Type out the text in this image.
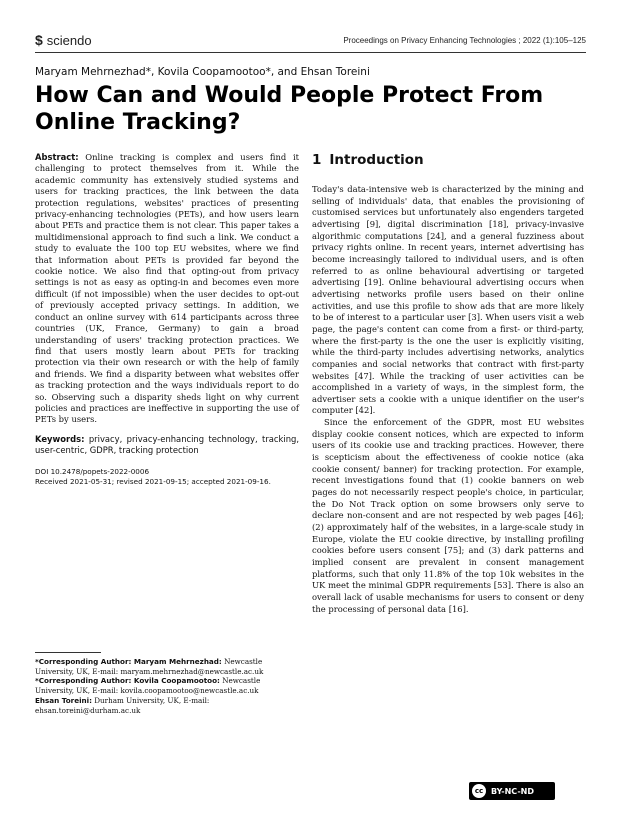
$ sciendo	Proceedings on Privacy Enhancing Technologies ; 2022 (1):105–125
Maryam Mehrnezhad*, Kovila Coopamootoo*, and Ehsan Toreini
How Can and Would People Protect From Online Tracking?

Abstract: Online tracking is complex and users find it challenging to protect themselves from it. While the academic community has extensively studied systems and users for tracking practices, the link between the data protection regulations, websites' practices of presenting privacy-enhancing technologies (PETs), and how users learn about PETs and practice them is not clear. This paper takes a multidimensional approach to find such a link. We conduct a study to evaluate the 100 top EU websites, where we find that information about PETs is provided far beyond the cookie notice. We also find that opting-out from privacy settings is not as easy as opting-in and becomes even more difficult (if not impossible) when the user decides to opt-out of previously accepted privacy settings. In addition, we conduct an online survey with 614 participants across three countries (UK, France, Germany) to gain a broad understanding of users' tracking protection practices. We find that users mostly learn about PETs for tracking protection via their own research or with the help of family and friends. We find a disparity between what websites offer as tracking protection and the ways individuals report to do so. Observing such a disparity sheds light on why current policies and practices are ineffective in supporting the use of PETs by users.

Keywords: privacy, privacy-enhancing technology, tracking, user-centric, GDPR, tracking protection

DOI 10.2478/popets-2022-0006

Received 2021-05-31; revised 2021-09-15; accepted 2021-09-16.

*Corresponding Author: Maryam Mehrnezhad: Newcastle University, UK, E-mail: maryam.mehrnezhad@newcastle.ac.uk

*Corresponding Author: Kovila Coopamootoo: Newcastle University, UK, E-mail: kovila.coopamootoo@newcastle.ac.uk

Ehsan Toreini: Durham University, UK, E-mail: ehsan.toreini@durham.ac.uk

1 Introduction

Today's data-intensive web is characterized by the mining and selling of individuals' data, that enables the provisioning of customised services but unfortunately also engenders targeted advertising [9], digital discrimination [18], privacy-invasive algorithmic computations [24], and a general fuzziness about privacy rights online. In recent years, internet advertising has become increasingly tailored to individual users, and is often referred to as online behavioural advertising or targeted advertising [19]. Online behavioural advertising occurs when advertising networks profile users based on their online activities, and use this profile to show ads that are more likely to be of interest to a particular user [3]. When users visit a web page, the page's content can come from a first- or third-party, where the first-party is the one the user is explicitly visiting, while the third-party includes advertising networks, analytics companies and social networks that contract with first-party websites [47]. While the tracking of user activities can be accomplished in a variety of ways, in the simplest form, the advertiser sets a cookie with a unique identifier on the user's computer [42].

Since the enforcement of the GDPR, most EU websites display cookie consent notices, which are expected to inform users of its cookie use and tracking practices. However, there is scepticism about the effectiveness of cookie notice (aka cookie consent/ banner) for tracking protection. For example, recent investigations found that (1) cookie banners on web pages do not necessarily respect people's choice, in particular, the Do Not Track option on some browsers only serve to declare non-consent and are not respected by web pages [46]; (2) approximately half of the websites, in a large-scale study in Europe, violate the EU cookie directive, by installing profiling cookies before users consent [75]; and (3) dark patterns and implied consent are prevalent in consent management platforms, such that only 11.8% of the top 10k websites in the UK meet the minimal GDPR requirements [53]. There is also an overall lack of usable mechanisms for users to consent or deny the processing of personal data [16].

cc BY-NC-ND
